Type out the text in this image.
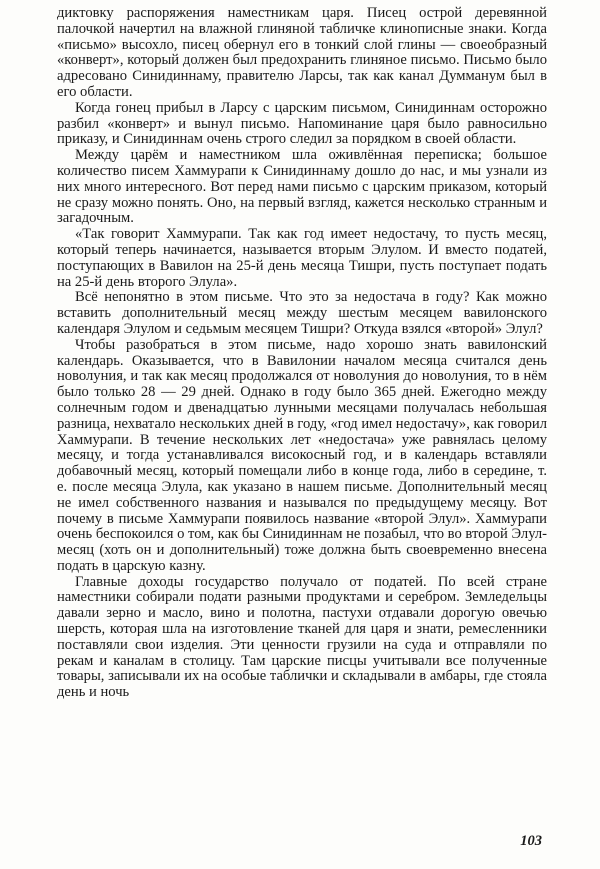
диктовку распоряжения наместникам царя. Писец острой деревянной палочкой начертил на влажной глиняной табличке клинописные знаки. Когда «письмо» высохло, писец обернул его в тонкий слой глины — своеобразный «конверт», который должен был предохранить глиняное письмо. Письмо было адресовано Синидиннаму, правителю Ларсы, так как канал Думманум был в его области.

Когда гонец прибыл в Ларсу с царским письмом, Синидиннам осторожно разбил «конверт» и вынул письмо. Напоминание царя было равносильно приказу, и Синидиннам очень строго следил за порядком в своей области.

Между царём и наместником шла оживлённая переписка; большое количество писем Хаммурапи к Синидиннаму дошло до нас, и мы узнали из них много интересного. Вот перед нами письмо с царским приказом, который не сразу можно понять. Оно, на первый взгляд, кажется несколько странным и загадочным.

«Так говорит Хаммурапи. Так как год имеет недостачу, то пусть месяц, который теперь начинается, называется вторым Элулом. И вместо податей, поступающих в Вавилон на 25-й день месяца Тишри, пусть поступает подать на 25-й день второго Элула».

Всё непонятно в этом письме. Что это за недостача в году? Как можно вставить дополнительный месяц между шестым месяцем вавилонского календаря Элулом и седьмым месяцем Тишри? Откуда взялся «второй» Элул?

Чтобы разобраться в этом письме, надо хорошо знать вавилонский календарь. Оказывается, что в Вавилонии началом месяца считался день новолуния, и так как месяц продолжался от новолуния до новолуния, то в нём было только 28 — 29 дней. Однако в году было 365 дней. Ежегодно между солнечным годом и двенадцатью лунными месяцами получалась небольшая разница, нехватало нескольких дней в году, «год имел недостачу», как говорил Хаммурапи. В течение нескольких лет «недостача» уже равнялась целому месяцу, и тогда устанавливался високосный год, и в календарь вставляли добавочный месяц, который помещали либо в конце года, либо в середине, т. е. после месяца Элула, как указано в нашем письме. Дополнительный месяц не имел собственного названия и назывался по предыдущему месяцу. Вот почему в письме Хаммурапи появилось название «второй Элул». Хаммурапи очень беспокоился о том, как бы Синидиннам не позабыл, что во второй Элул-месяц (хоть он и дополнительный) тоже должна быть своевременно внесена подать в царскую казну.

Главные доходы государство получало от податей. По всей стране наместники собирали подати разными продуктами и серебром. Земледельцы давали зерно и масло, вино и полотна, пастухи отдавали дорогую овечью шерсть, которая шла на изготовление тканей для царя и знати, ремесленники поставляли свои изделия. Эти ценности грузили на суда и отправляли по рекам и каналам в столицу. Там царские писцы учитывали все полученные товары, записывали их на особые таблички и складывали в амбары, где стояла день и ночь

103
